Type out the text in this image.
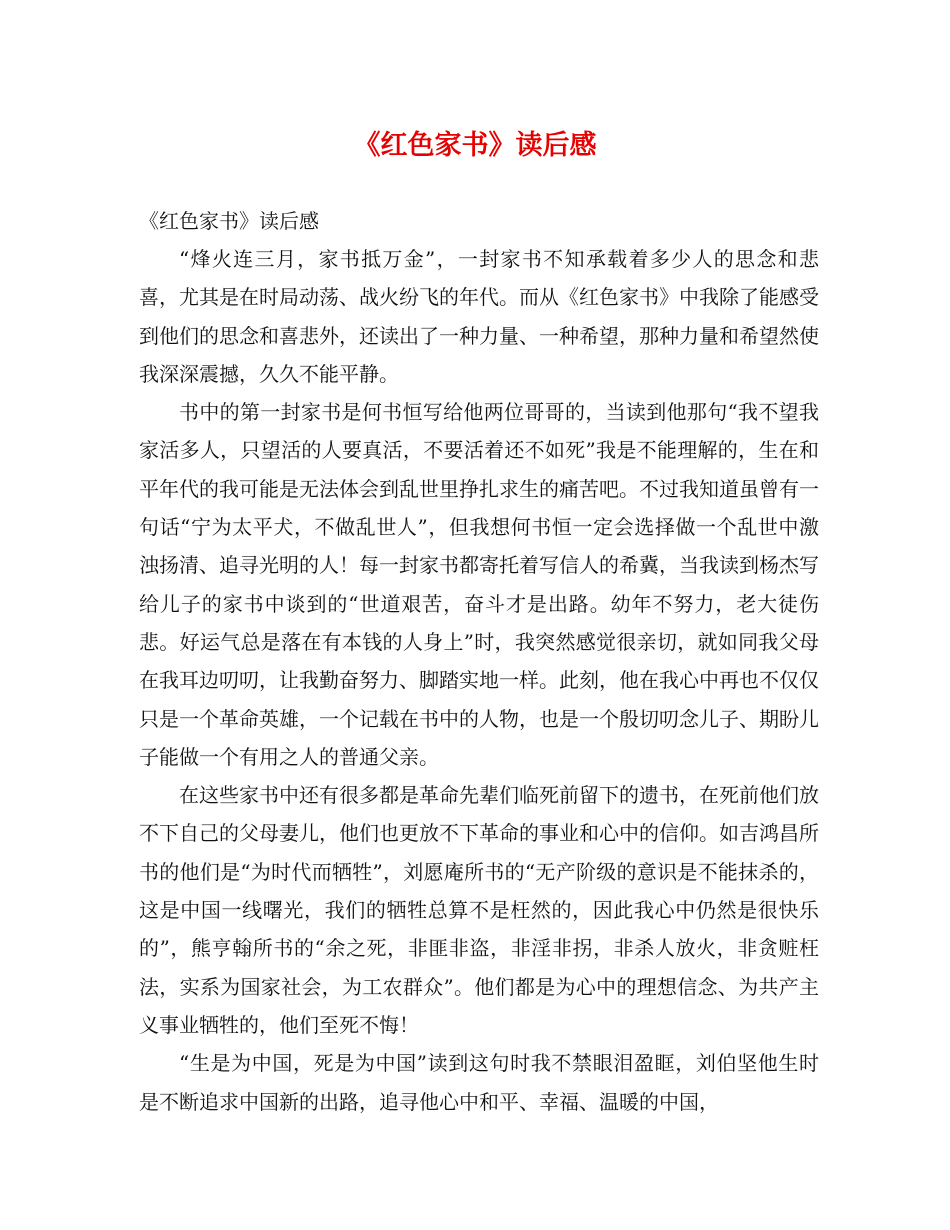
《红色家书》读后感
《红色家书》读后感

“烽火连三月，家书抵万金”，一封家书不知承载着多少人的思念和悲喜，尤其是在时局动荡、战火纷飞的年代。而从《红色家书》中我除了能感受到他们的思念和喜悲外，还读出了一种力量、一种希望，那种力量和希望然使我深深震撼，久久不能平静。

书中的第一封家书是何书恒写给他两位哥哥的，当读到他那句“我不望我家活多人，只望活的人要真活，不要活着还不如死”我是不能理解的，生在和平年代的我可能是无法体会到乱世里挣扎求生的痛苦吧。不过我知道虽曾有一句话“宁为太平犬，不做乱世人”，但我想何书恒一定会选择做一个乱世中激浊扬清、追寻光明的人！每一封家书都寄托着写信人的希冀，当我读到杨杰写给儿子的家书中谈到的“世道艰苦，奋斗才是出路。幼年不努力，老大徒伤悲。好运气总是落在有本钱的人身上”时，我突然感觉很亲切，就如同我父母在我耳边叨叨，让我勤奋努力、脚踏实地一样。此刻，他在我心中再也不仅仅只是一个革命英雄，一个记载在书中的人物，也是一个殷切叨念儿子、期盼儿子能做一个有用之人的普通父亲。

在这些家书中还有很多都是革命先辈们临死前留下的遗书，在死前他们放不下自己的父母妻儿，他们也更放不下革命的事业和心中的信仰。如吉鸿昌所书的他们是“为时代而牺牲”，刘愿庵所书的“无产阶级的意识是不能抹杀的，这是中国一线曙光，我们的牺牲总算不是枉然的，因此我心中仍然是很快乐的”，熊亨翰所书的“余之死，非匪非盗，非淫非拐，非杀人放火，非贪赃枉法，实系为国家社会，为工农群众”。他们都是为心中的理想信念、为共产主义事业牺牲的，他们至死不悔！

“生是为中国，死是为中国”读到这句时我不禁眼泪盈眶，刘伯坚他生时是不断追求中国新的出路，追寻他心中和平、幸福、温暖的中国，
